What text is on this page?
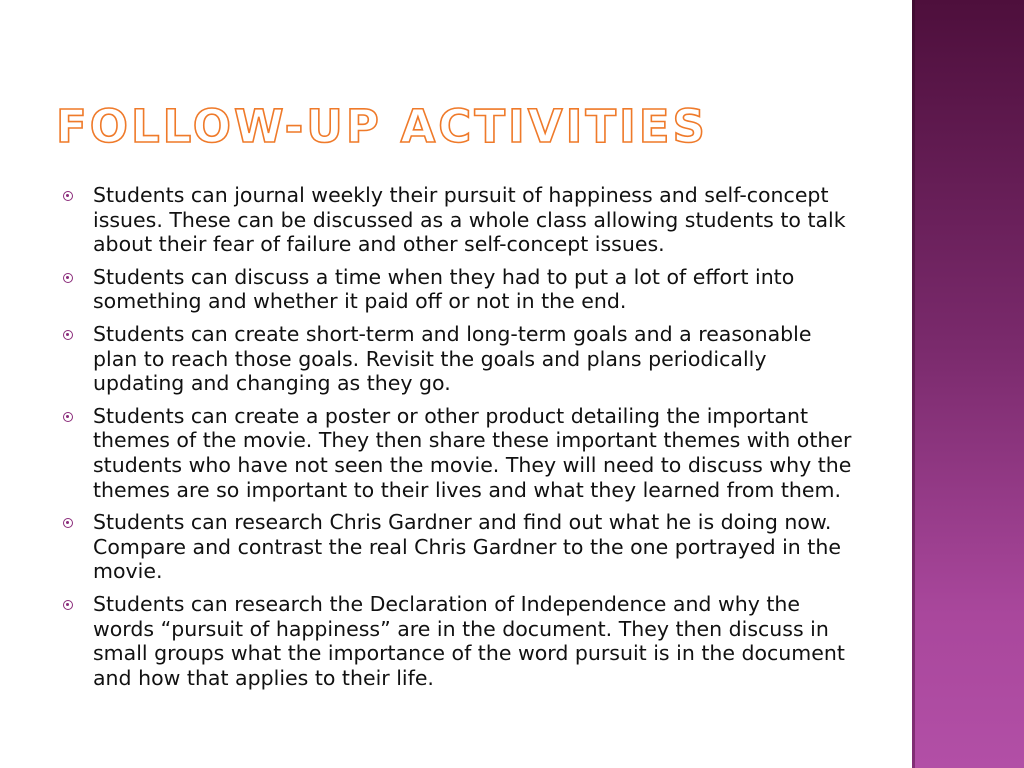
FOLLOW-UP ACTIVITIES
Students can journal weekly their pursuit of happiness and self-concept issues. These can be discussed as a whole class allowing students to talk about their fear of failure and other self-concept issues.
Students can discuss a time when they had to put a lot of effort into something and whether it paid off or not in the end.
Students can create short-term and long-term goals and a reasonable plan to reach those goals. Revisit the goals and plans periodically updating and changing as they go.
Students can create a poster or other product detailing the important themes of the movie. They then share these important themes with other students who have not seen the movie. They will need to discuss why the themes are so important to their lives and what they learned from them.
Students can research Chris Gardner and find out what he is doing now. Compare and contrast the real Chris Gardner to the one portrayed in the movie.
Students can research the Declaration of Independence and why the words “pursuit of happiness” are in the document. They then discuss in small groups what the importance of the word pursuit is in the document and how that applies to their life.
